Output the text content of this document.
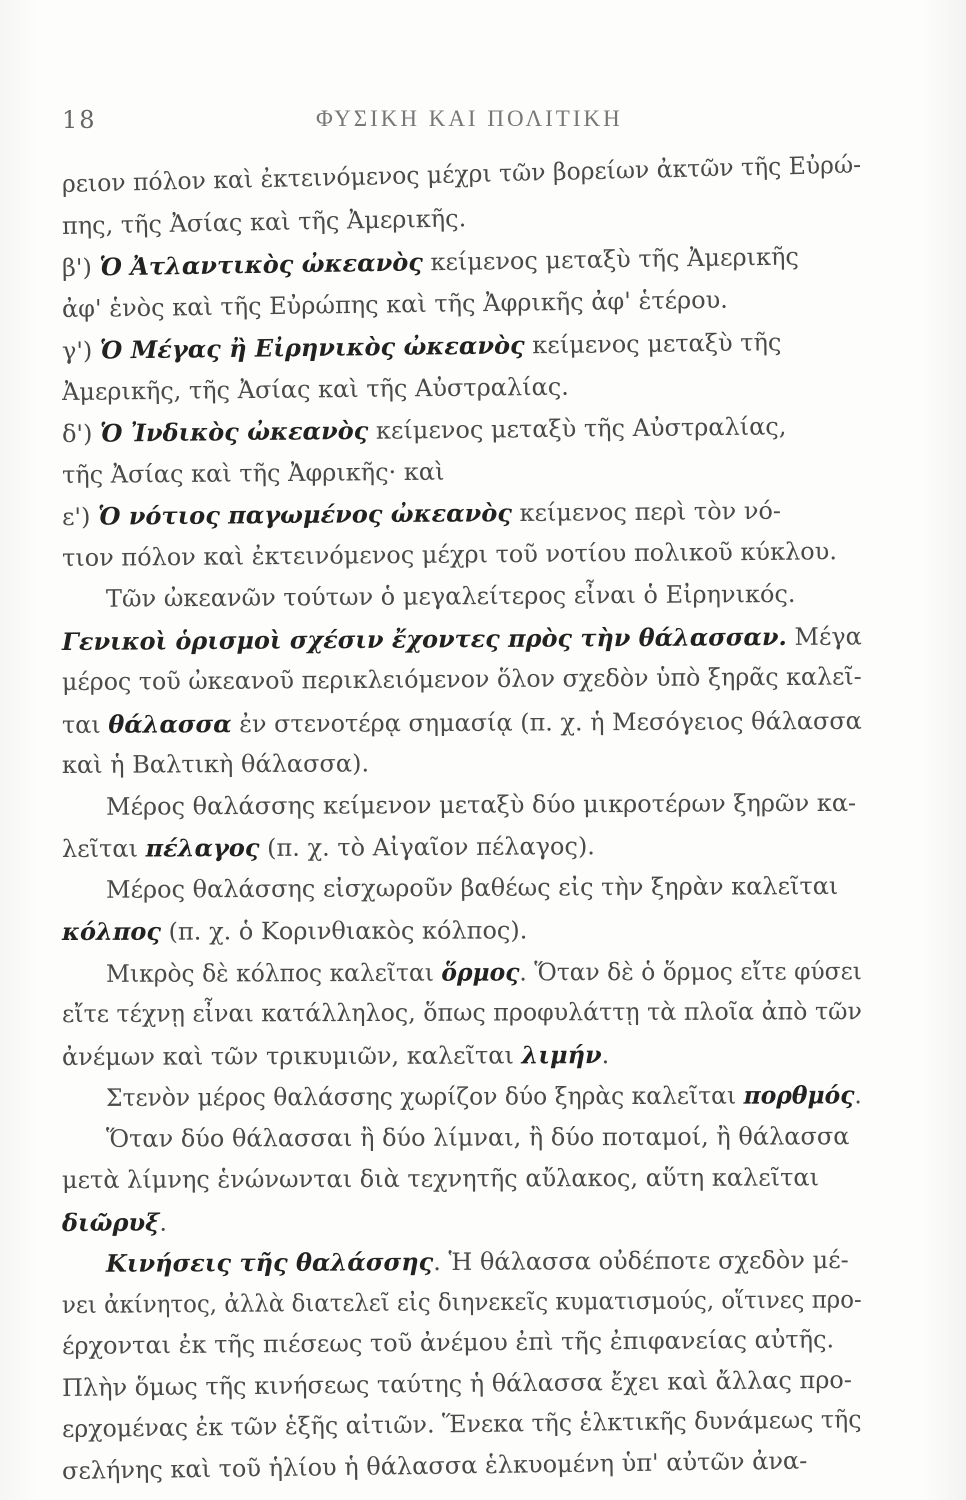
18	ΦΥΣΙΚΗ ΚΑΙ ΠΟΛΙΤΙΚΗ
ρειον πόλον καὶ ἐκτεινόμενος μέχρι τῶν βορείων ἀκτῶν τῆς Εὐρώ-
πης, τῆς Ἀσίας καὶ τῆς Ἀμερικῆς.
β') Ὁ Ἀτλαντικὸς ὠκεανὸς κείμενος μεταξὺ τῆς Ἀμερικῆς
ἀφ' ἑνὸς καὶ τῆς Εὐρώπης καὶ τῆς Ἀφρικῆς ἀφ' ἑτέρου.
γ') Ὁ Μέγας ἢ Εἰρηνικὸς ὠκεανὸς κείμενος μεταξὺ τῆς
Ἀμερικῆς, τῆς Ἀσίας καὶ τῆς Αὐστραλίας.
δ') Ὁ Ἰνδικὸς ὠκεανὸς κείμενος μεταξὺ τῆς Αὐστραλίας,
τῆς Ἀσίας καὶ τῆς Ἀφρικῆς· καὶ
ε') Ὁ νότιος παγωμένος ὠκεανὸς κείμενος περὶ τὸν νό-
τιον πόλον καὶ ἐκτεινόμενος μέχρι τοῦ νοτίου πολικοῦ κύκλου.
Τῶν ὠκεανῶν τούτων ὁ μεγαλείτερος εἶναι ὁ Εἰρηνικός.
Γενικοὶ ὁρισμοὶ σχέσιν ἔχοντες πρὸς τὴν θάλασσαν. Μέγα
μέρος τοῦ ὠκεανοῦ περικλειόμενον ὅλον σχεδὸν ὑπὸ ξηρᾶς καλεῖ-
ται θάλασσα ἐν στενοτέρᾳ σημασίᾳ (π. χ. ἡ Μεσόγειος θάλασσα
καὶ ἡ Βαλτικὴ θάλασσα).
Μέρος θαλάσσης κείμενον μεταξὺ δύο μικροτέρων ξηρῶν κα-
λεῖται πέλαγος (π. χ. τὸ Αἰγαῖον πέλαγος).
Μέρος θαλάσσης εἰσχωροῦν βαθέως εἰς τὴν ξηρὰν καλεῖται
κόλπος (π. χ. ὁ Κορινθιακὸς κόλπος).
Μικρὸς δὲ κόλπος καλεῖται ὅρμος. Ὅταν δὲ ὁ ὅρμος εἴτε φύσει
εἴτε τέχνῃ εἶναι κατάλληλος, ὅπως προφυλάττῃ τὰ πλοῖα ἀπὸ τῶν
ἀνέμων καὶ τῶν τρικυμιῶν, καλεῖται λιμήν.
Στενὸν μέρος θαλάσσης χωρίζον δύο ξηρὰς καλεῖται πορθμός.
Ὅταν δύο θάλασσαι ἢ δύο λίμναι, ἢ δύο ποταμοί, ἢ θάλασσα
μετὰ λίμνης ἑνώνωνται διὰ τεχνητῆς αὔλακος, αὕτη καλεῖται
διῶρυξ.
Κινήσεις τῆς θαλάσσης. Ἡ θάλασσα οὐδέποτε σχεδὸν μέ-
νει ἀκίνητος, ἀλλὰ διατελεῖ εἰς διηνεκεῖς κυματισμούς, οἵτινες προ-
έρχονται ἐκ τῆς πιέσεως τοῦ ἀνέμου ἐπὶ τῆς ἐπιφανείας αὐτῆς.
Πλὴν ὅμως τῆς κινήσεως ταύτης ἡ θάλασσα ἔχει καὶ ἄλλας προ-
ερχομένας ἐκ τῶν ἑξῆς αἰτιῶν. Ἕνεκα τῆς ἑλκτικῆς δυνάμεως τῆς
σελήνης καὶ τοῦ ἡλίου ἡ θάλασσα ἑλκυομένη ὑπ' αὐτῶν ἀνα-
